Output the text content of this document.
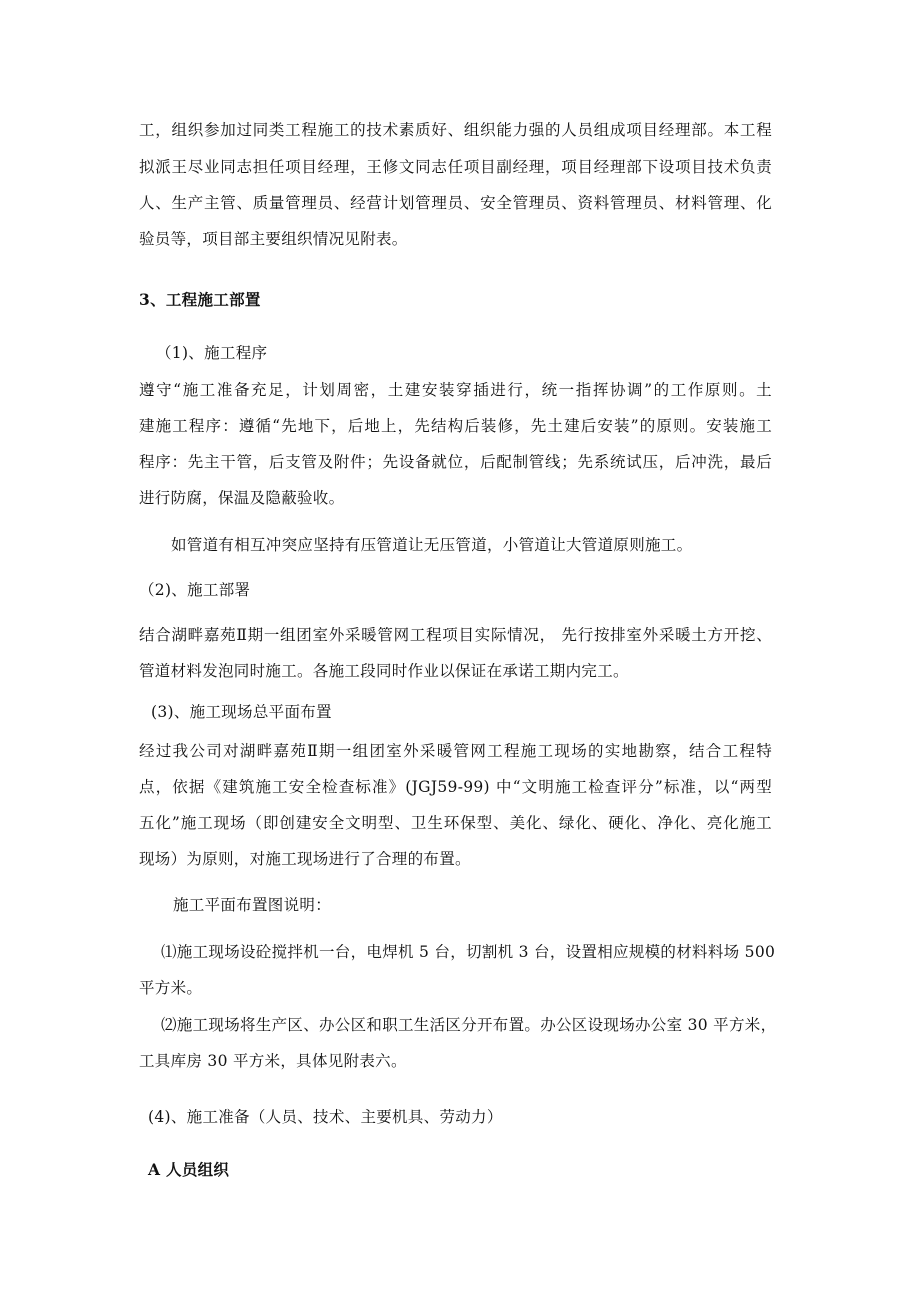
工，组织参加过同类工程施工的技术素质好、组织能力强的人员组成项目经理部。本工程
拟派王尽业同志担任项目经理，王修文同志任项目副经理，项目经理部下设项目技术负责
人、生产主管、质量管理员、经营计划管理员、安全管理员、资料管理员、材料管理、化
验员等，项目部主要组织情况见附表。
3、工程施工部置
（1)、施工程序
遵守“施工准备充足，计划周密，土建安装穿插进行，统一指挥协调”的工作原则。土
建施工程序：遵循“先地下，后地上，先结构后装修，先土建后安装”的原则。安装施工
程序：先主干管，后支管及附件；先设备就位，后配制管线；先系统试压，后冲洗，最后
进行防腐，保温及隐蔽验收。
如管道有相互冲突应坚持有压管道让无压管道，小管道让大管道原则施工。
（2)、施工部署
结合湖畔嘉苑Ⅱ期一组团室外采暖管网工程项目实际情况， 先行按排室外采暖土方开挖、
管道材料发泡同时施工。各施工段同时作业以保证在承诺工期内完工。
(3)、施工现场总平面布置
经过我公司对湖畔嘉苑Ⅱ期一组团室外采暖管网工程施工现场的实地勘察，结合工程特
点，依据《建筑施工安全检查标准》(JGJ59-99) 中“文明施工检查评分”标准，以“两型
五化”施工现场（即创建安全文明型、卫生环保型、美化、绿化、硬化、净化、亮化施工
现场）为原则，对施工现场进行了合理的布置。
施工平面布置图说明：
⑴施工现场设砼搅拌机一台，电焊机 5 台，切割机 3 台，设置相应规模的材料料场 500
平方米。
⑵施工现场将生产区、办公区和职工生活区分开布置。办公区设现场办公室 30 平方米，
工具库房 30 平方米，具体见附表六。
(4)、施工准备（人员、技术、主要机具、劳动力）
A 人员组织
